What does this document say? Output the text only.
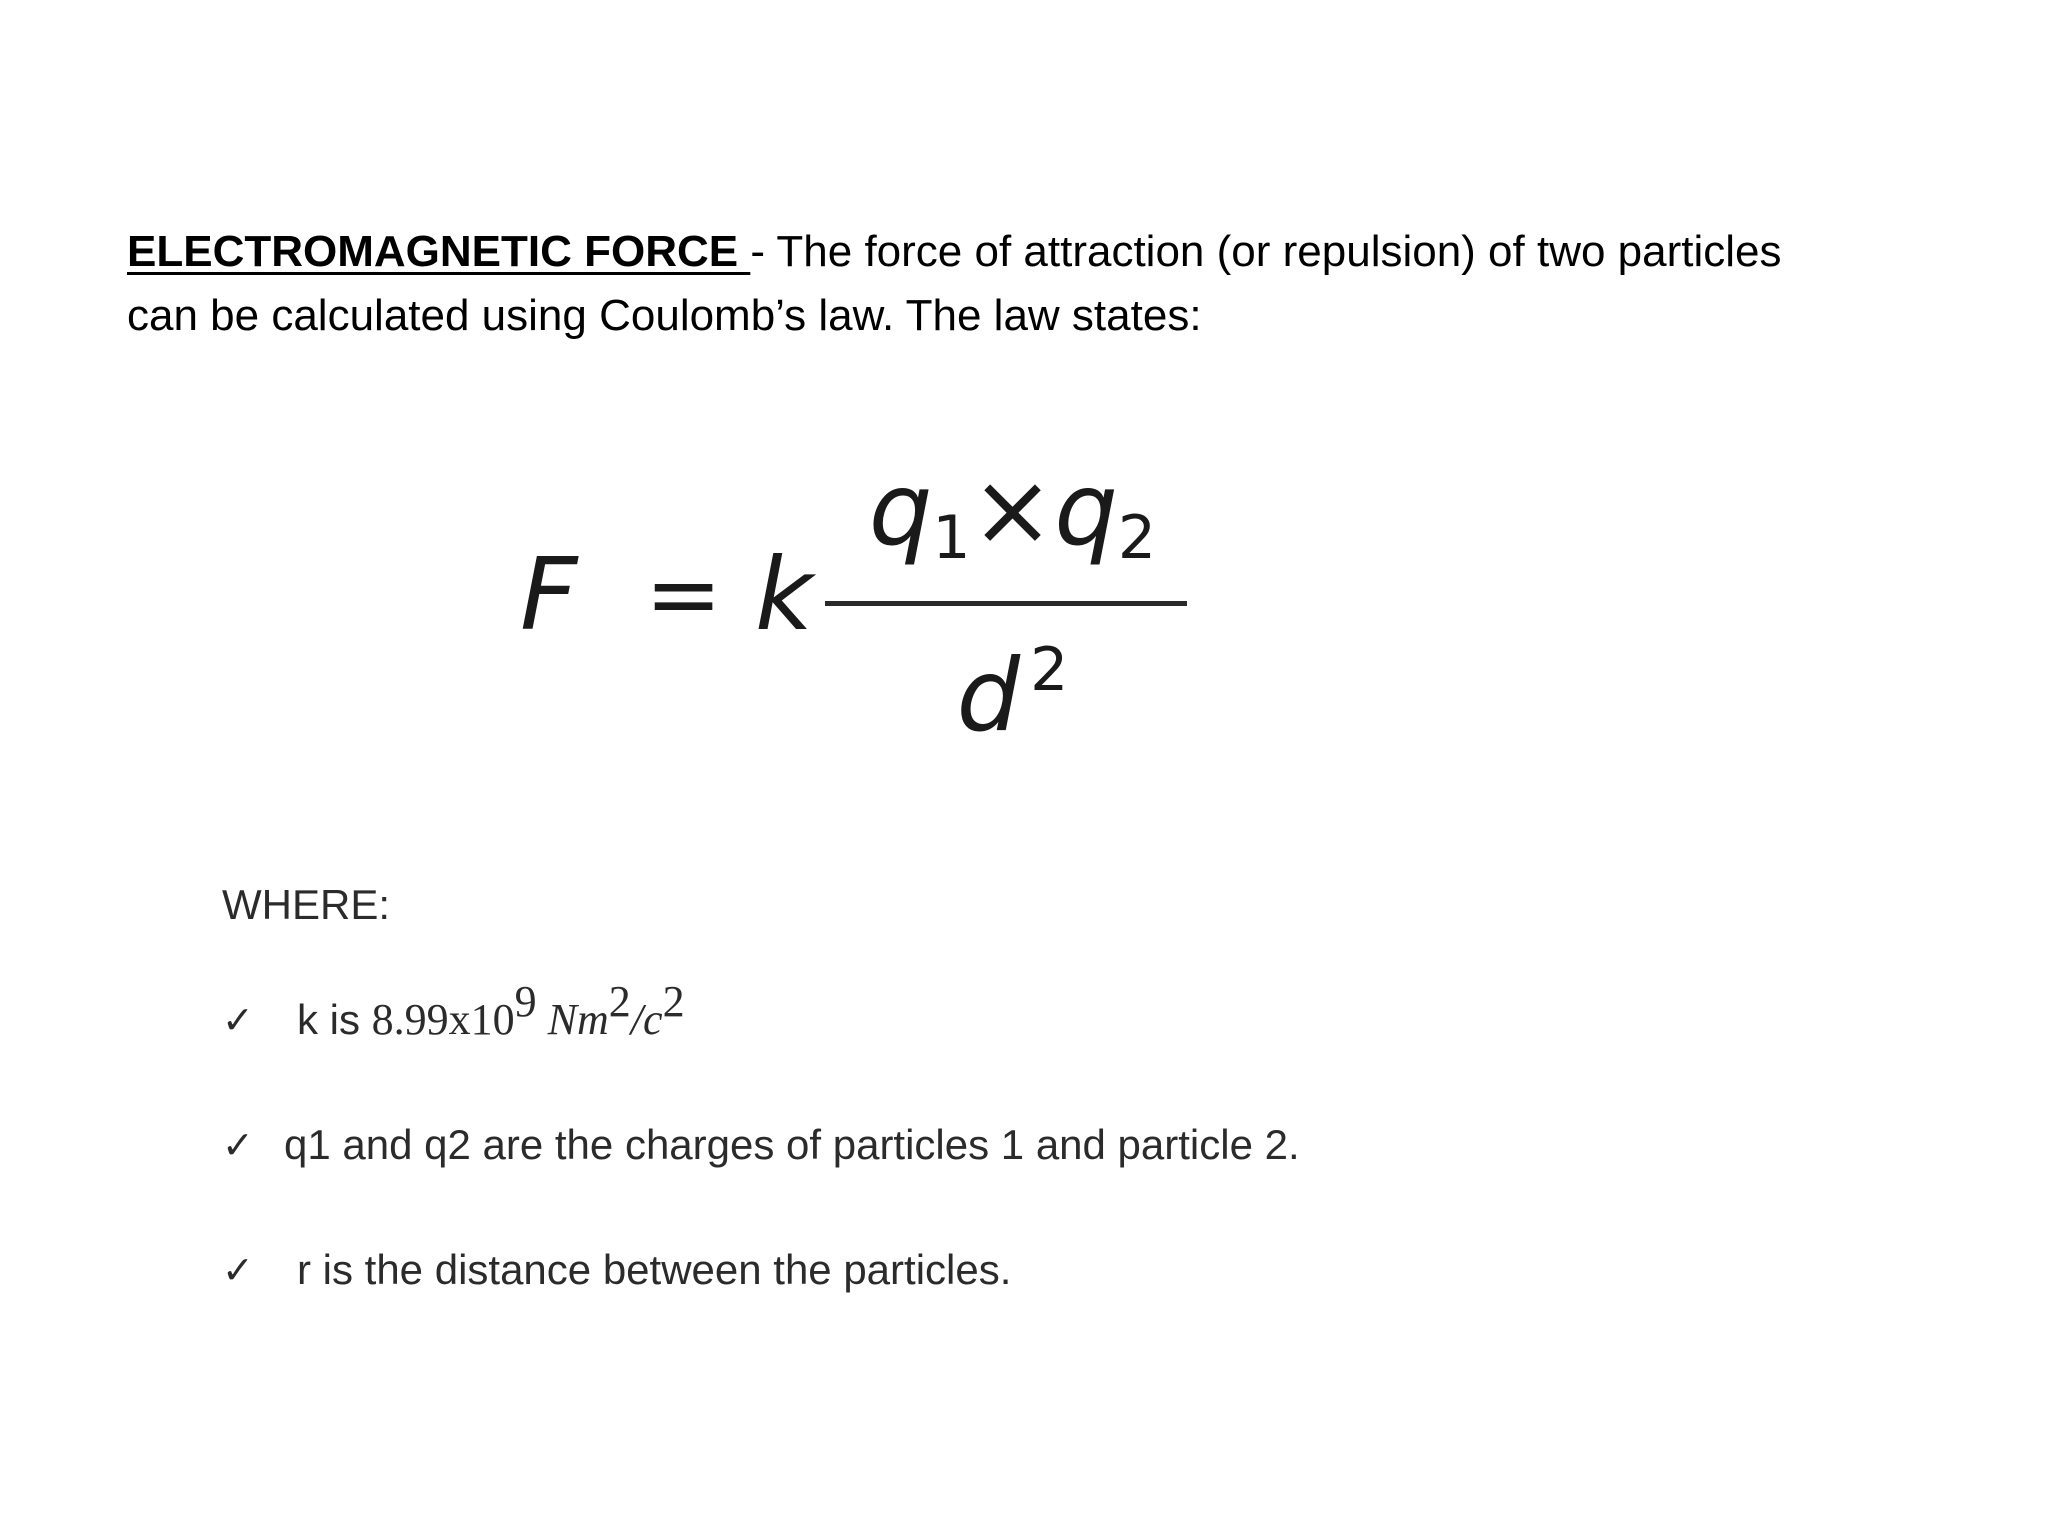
ELECTROMAGNETIC FORCE - The force of attraction (or repulsion) of two particles
can be calculated using Coulomb’s law. The law states:
F = k
$q_1\times q_2$
d $^2$
WHERE:
✓ k is $8.99x10^9$ $Nm^2/c^2$
✓ q1 and q2 are the charges of particles 1 and particle 2.
✓ r is the distance between the particles.
